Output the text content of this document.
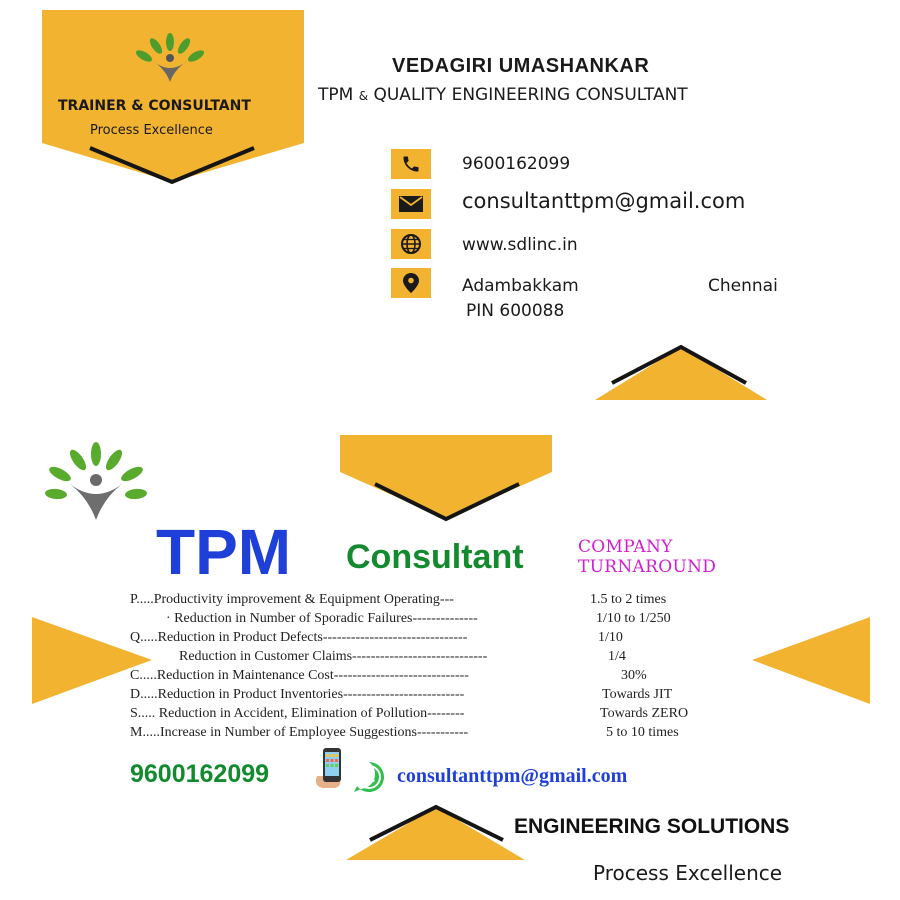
VEDAGIRI UMASHANKAR
TPM & QUALITY ENGINEERING CONSULTANT
TRAINER & CONSULTANT
Process Excellence
9600162099
consultanttpm@gmail.com
www.sdlinc.in
Adambakkam	Chennai
PIN 600088
TPM Consultant	COMPANY
TURNAROUND
P.....Productivity improvement & Equipment Operating---	1.5 to 2 times
· Reduction in Number of Sporadic Failures--------------	1/10 to 1/250
Q.....Reduction in Product Defects-------------------------------	1/10
Reduction in Customer Claims-----------------------------	1/4
C.....Reduction in Maintenance Cost-----------------------------	30%
D.....Reduction in Product Inventories--------------------------	Towards JIT
S..... Reduction in Accident, Elimination of Pollution--------	Towards ZERO
M.....Increase in Number of Employee Suggestions-----------	5 to 10 times
9600162099	consultanttpm@gmail.com
ENGINEERING SOLUTIONS
Process Excellence
